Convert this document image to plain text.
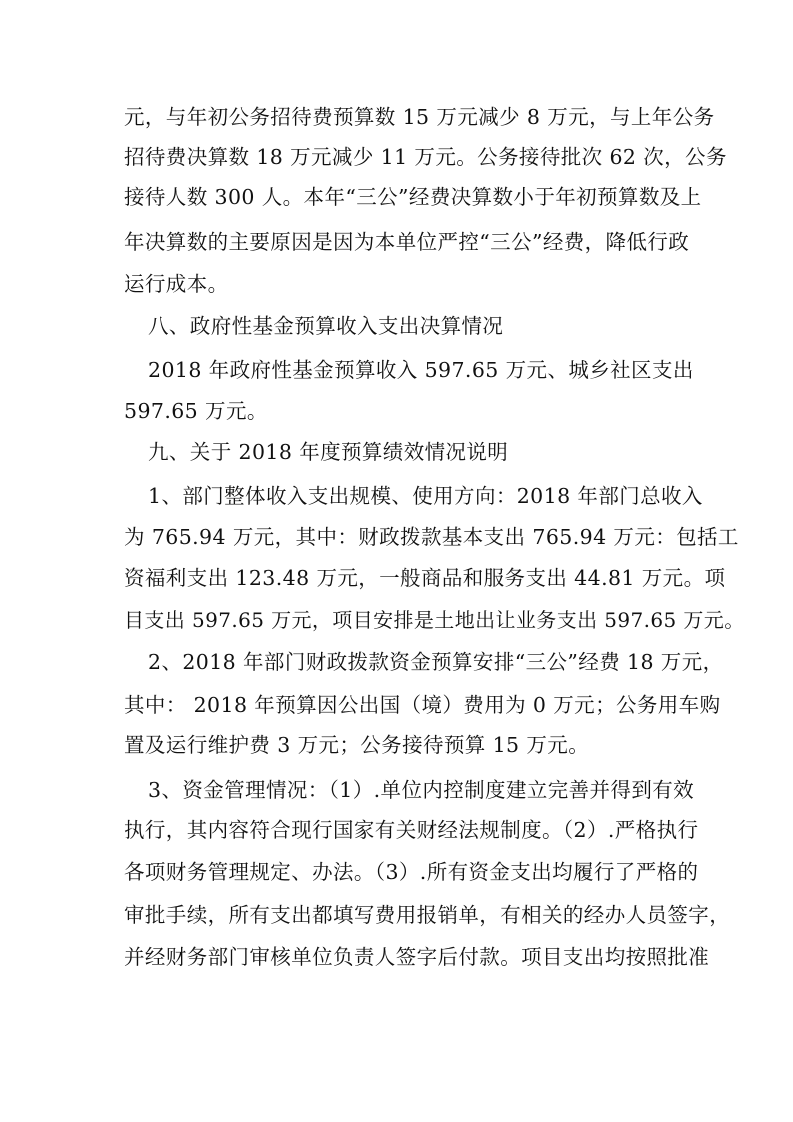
元，与年初公务招待费预算数 15 万元减少 8 万元，与上年公务
招待费决算数 18 万元减少 11 万元。公务接待批次 62 次，公务
接待人数 300 人。本年“三公”经费决算数小于年初预算数及上
年决算数的主要原因是因为本单位严控“三公”经费，降低行政
运行成本。
八、政府性基金预算收入支出决算情况
2018 年政府性基金预算收入 597.65 万元、城乡社区支出
597.65 万元。
九、关于 2018 年度预算绩效情况说明
1、部门整体收入支出规模、使用方向：2018 年部门总收入
为 765.94 万元，其中：财政拨款基本支出 765.94 万元：包括工
资福利支出 123.48 万元，一般商品和服务支出 44.81 万元。项
目支出 597.65 万元，项目安排是土地出让业务支出 597.65 万元。
2、2018 年部门财政拨款资金预算安排“三公”经费 18 万元，
其中： 2018 年预算因公出国（境）费用为 0 万元；公务用车购
置及运行维护费 3 万元；公务接待预算 15 万元。
3、资金管理情况：（1）.单位内控制度建立完善并得到有效
执行，其内容符合现行国家有关财经法规制度。（2）.严格执行
各项财务管理规定、办法。（3）.所有资金支出均履行了严格的
审批手续，所有支出都填写费用报销单，有相关的经办人员签字，
并经财务部门审核单位负责人签字后付款。项目支出均按照批准
